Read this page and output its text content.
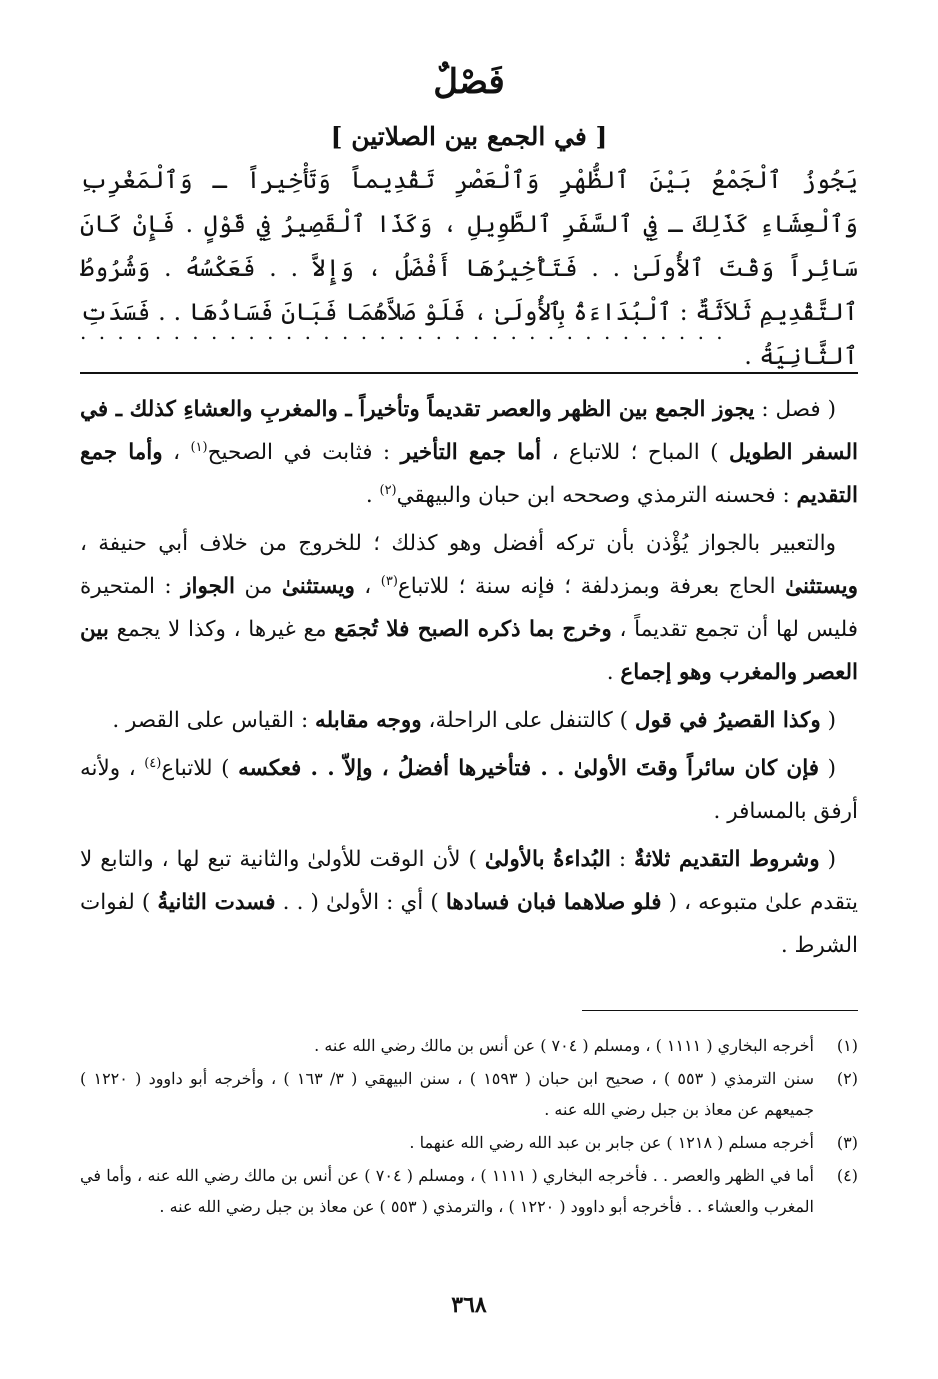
فَصْلٌ
[ في الجمع بين الصلاتين ]

يَجُوزُ ٱلْجَمْعُ بَيْنَ ٱلظُّهْرِ وَٱلْعَصْرِ تَقْدِيماً وَتَأْخِيراً ـ وَٱلْمَغْرِبِ وَٱلْعِشَاءِ كَذَلِكَ ـ فِي ٱلسَّفَرِ ٱلطَّوِيلِ ، وَكَذَا ٱلْقَصِيرُ فِي قَوْلٍ . فَإِنْ كَانَ سَائِراً وَقْتَ ٱلأُولَىٰ . . فَتَأْخِيرُهَا أَفْضَلُ ، وَإِلاَّ . . فَعَكْسُهُ . وَشُرُوطُ ٱلتَّقْدِيمِ ثَلاَثَةٌ : ٱلْبُدَاءَةُ بِٱلأُولَىٰ ، فَلَوْ صَلاَّهُمَا فَبَانَ فَسَادُهَا . . فَسَدَتِ ٱلثَّانِيَةُ .

. . . . . . . . . . . . . . . . . . . . . . . . . . . . . . . . . . .

( فصل : يجوز الجمع بين الظهر والعصر تقديماً وتأخيراً ـ والمغربِ والعشاءِ كذلك ـ في السفر الطويل ) المباح ؛ للاتباع ، أما جمع التأخير : فثابت في الصحيح$^{(١)}$ ، وأما جمع التقديم : فحسنه الترمذي وصححه ابن حبان والبيهقي$^{(٢)}$ .

والتعبير بالجواز يُؤْذن بأن تركه أفضل وهو كذلك ؛ للخروج من خلاف أبي حنيفة ، ويستثنىٰ الحاج بعرفة وبمزدلفة ؛ فإنه سنة ؛ للاتباع$^{(٣)}$ ، ويستثنىٰ من الجواز : المتحيرة فليس لها أن تجمع تقديماً ، وخرج بما ذكره الصبح فلا تُجمَع مع غيرها ، وكذا لا يجمع بين العصر والمغرب وهو إجماع .

( وكذا القصيرُ في قول ) كالتنفل على الراحلة، ووجه مقابله : القياس على القصر .

( فإن كان سائراً وقتَ الأولىٰ . . فتأخيرها أفضلُ ، وإلاّ . . فعكسه ) للاتباع$^{(٤)}$ ، ولأنه أرفق بالمسافر .

( وشروط التقديم ثلاثةٌ : البُداءةُ بالأولىٰ ) لأن الوقت للأولىٰ والثانية تبع لها ، والتابع لا يتقدم علىٰ متبوعه ، ( فلو صلاهما فبان فسادها ) أي : الأولىٰ ( . . فسدت الثانيةُ ) لفوات الشرط .

(١)
أخرجه البخاري ( ١١١١ ) ، ومسلم ( ٧٠٤ ) عن أنس بن مالك رضي الله عنه .
(٢)
سنن الترمذي ( ٥٥٣ ) ، صحيح ابن حبان ( ١٥٩٣ ) ، سنن البيهقي ( ٣/ ١٦٣ ) ، وأخرجه أبو داوود ( ١٢٢٠ ) جميعهم عن معاذ بن جبل رضي الله عنه .
(٣)
أخرجه مسلم ( ١٢١٨ ) عن جابر بن عبد الله رضي الله عنهما .
(٤)
أما في الظهر والعصر . . فأخرجه البخاري ( ١١١١ ) ، ومسلم ( ٧٠٤ ) عن أنس بن مالك رضي الله عنه ، وأما في المغرب والعشاء . . فأخرجه أبو داوود ( ١٢٢٠ ) ، والترمذي ( ٥٥٣ ) عن معاذ بن جبل رضي الله عنه .
٣٦٨
